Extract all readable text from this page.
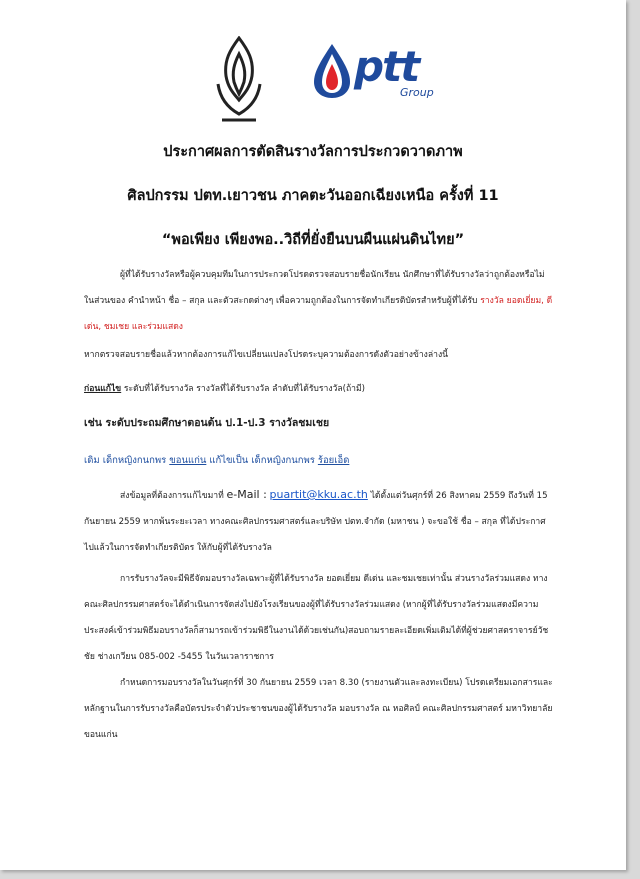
ptt
Group
ประกาศผลการตัดสินรางวัลการประกวดวาดภาพ
ศิลปกรรม ปตท.เยาวชน ภาคตะวันออกเฉียงเหนือ ครั้งที่ 11
“พอเพียง เพียงพอ..วิถีที่ยั่งยืนบนผืนแผ่นดินไทย”
ผู้ที่ได้รับรางวัลหรือผู้ควบคุมทีมในการประกวดโปรดตรวจสอบรายชื่อนักเรียน นักศึกษาที่ได้รับรางวัลว่าถูกต้องหรือไม่ในส่วนของ คำนำหน้า ชื่อ – สกุล และตัวสะกดต่างๆ เพื่อความถูกต้องในการจัดทำเกียรติบัตรสำหรับผู้ที่ได้รับ รางวัล ยอดเยี่ยม, ดีเด่น, ชมเชย และร่วมแสดง
หากตรวจสอบรายชื่อแล้วหากต้องการแก้ไขเปลี่ยนแปลงโปรดระบุความต้องการดังตัวอย่างข้างล่างนี้
ก่อนแก้ไข ระดับที่ได้รับรางวัล รางวัลที่ได้รับรางวัล ลำดับที่ได้รับรางวัล(ถ้ามี)
เช่น ระดับประถมศึกษาตอนต้น ป.1-ป.3 รางวัลชมเชย
เดิม เด็กหญิงกนกพร ขอนแก่น แก้ไขเป็น เด็กหญิงกนกพร ร้อยเอ็ด
ส่งข้อมูลที่ต้องการแก้ไขมาที่ e-Mail : puartit@kku.ac.th ได้ตั้งแต่วันศุกร์ที่ 26 สิงหาคม 2559 ถึงวันที่ 15 กันยายน 2559 หากพ้นระยะเวลา ทางคณะศิลปกรรมศาสตร์และบริษัท ปตท.จำกัด (มหาชน ) จะขอใช้ ชื่อ – สกุล ที่ได้ประกาศไปแล้วในการจัดทำเกียรติบัตร ให้กับผู้ที่ได้รับรางวัล
การรับรางวัลจะมีพิธีจัดมอบรางวัลเฉพาะผู้ที่ได้รับรางวัล ยอดเยี่ยม ดีเด่น และชมเชยเท่านั้น ส่วนรางวัลร่วมแสดง ทางคณะศิลปกรรมศาสตร์จะได้ดำเนินการจัดส่งไปยังโรงเรียนของผู้ที่ได้รับรางวัลร่วมแสดง (หากผู้ที่ได้รับรางวัลร่วมแสดงมีความประสงค์เข้าร่วมพิธีมอบรางวัลก็สามารถเข้าร่วมพิธีในงานได้ด้วยเช่นกัน)สอบถามรายละเอียดเพิ่มเติมได้ที่ผู้ช่วยศาสตราจารย์วัชชัย ช่างเกวียน 085-002 -5455 ในวันเวลาราชการ
กำหนดการมอบรางวัลในวันศุกร์ที่ 30 กันยายน 2559 เวลา 8.30 (รายงานตัวและลงทะเบียน) โปรดเตรียมเอกสารและหลักฐานในการรับรางวัลคือบัตรประจำตัวประชาชนของผู้ได้รับรางวัล มอบรางวัล ณ หอศิลป์ คณะศิลปกรรมศาสตร์ มหาวิทยาลัยขอนแก่น
